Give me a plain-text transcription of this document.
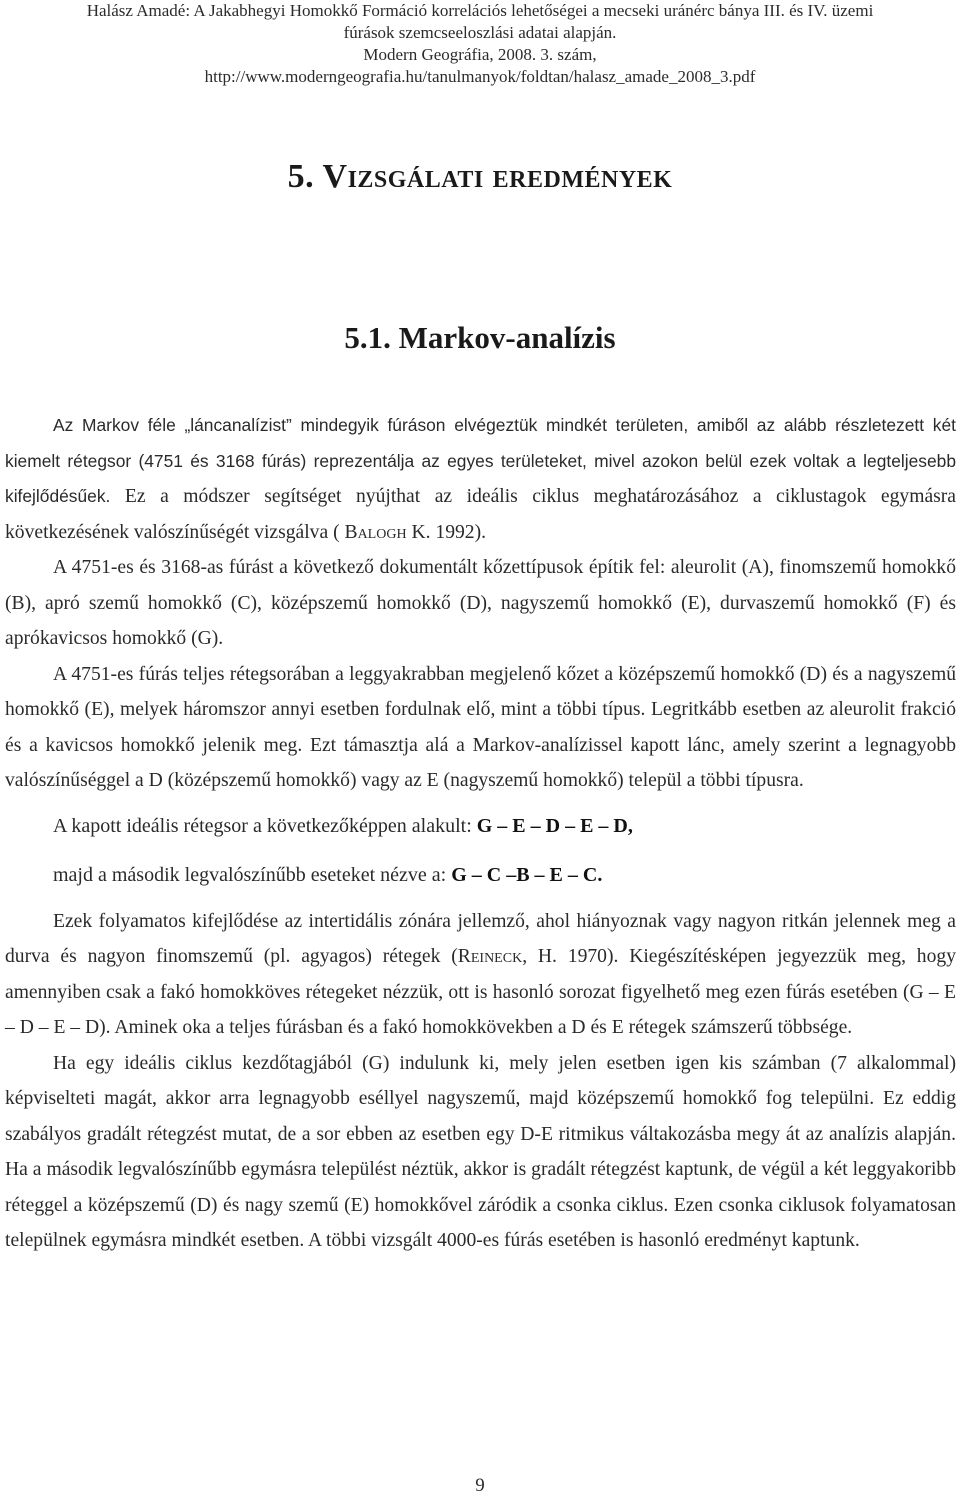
Halász Amadé: A Jakabhegyi Homokkő Formáció korrelációs lehetőségei a mecseki uránérc bánya III. és IV. üzemi
fúrások szemcseeloszlási adatai alapján.
Modern Geográfia, 2008. 3. szám,
http://www.moderngeografia.hu/tanulmanyok/foldtan/halasz_amade_2008_3.pdf
5. Vizsgálati eredmények
5.1. Markov-analízis

Az Markov féle „láncanalízist” mindegyik fúráson elvégeztük mindkét területen, amiből az alább részletezett két kiemelt rétegsor (4751 és 3168 fúrás) reprezentálja az egyes területeket, mivel azokon belül ezek voltak a legteljesebb kifejlődésűek. Ez a módszer segítséget nyújthat az ideális ciklus meghatározásához a ciklustagok egymásra következésének valószínűségét vizsgálva ( Balogh K. 1992).

A 4751-es és 3168-as fúrást a következő dokumentált kőzettípusok építik fel: aleurolit (A), finomszemű homokkő (B), apró szemű homokkő (C), középszemű homokkő (D), nagyszemű homokkő (E), durvaszemű homokkő (F) és aprókavicsos homokkő (G).

A 4751-es fúrás teljes rétegsorában a leggyakrabban megjelenő kőzet a középszemű homokkő (D) és a nagyszemű homokkő (E), melyek háromszor annyi esetben fordulnak elő, mint a többi típus. Legritkább esetben az aleurolit frakció és a kavicsos homokkő jelenik meg. Ezt támasztja alá a Markov-analízissel kapott lánc, amely szerint a legnagyobb valószínűséggel a D (középszemű homokkő) vagy az E (nagyszemű homokkő) települ a többi típusra.

A kapott ideális rétegsor a következőképpen alakult: G – E – D – E – D,

majd a második legvalószínűbb eseteket nézve a: G – C –B – E – C.

Ezek folyamatos kifejlődése az intertidális zónára jellemző, ahol hiányoznak vagy nagyon ritkán jelennek meg a durva és nagyon finomszemű (pl. agyagos) rétegek (Reineck, H. 1970). Kiegészítésképen jegyezzük meg, hogy amennyiben csak a fakó homokköves rétegeket nézzük, ott is hasonló sorozat figyelhető meg ezen fúrás esetében (G – E – D – E – D). Aminek oka a teljes fúrásban és a fakó homokkövekben a D és E rétegek számszerű többsége.

Ha egy ideális ciklus kezdőtagjából (G) indulunk ki, mely jelen esetben igen kis számban (7 alkalommal) képviselteti magát, akkor arra legnagyobb eséllyel nagyszemű, majd középszemű homokkő fog települni. Ez eddig szabályos gradált rétegzést mutat, de a sor ebben az esetben egy D-E ritmikus váltakozásba megy át az analízis alapján. Ha a második legvalószínűbb egymásra települést néztük, akkor is gradált rétegzést kaptunk, de végül a két leggyakoribb réteggel a középszemű (D) és nagy szemű (E) homokkővel záródik a csonka ciklus. Ezen csonka ciklusok folyamatosan települnek egymásra mindkét esetben. A többi vizsgált 4000-es fúrás esetében is hasonló eredményt kaptunk.

9
